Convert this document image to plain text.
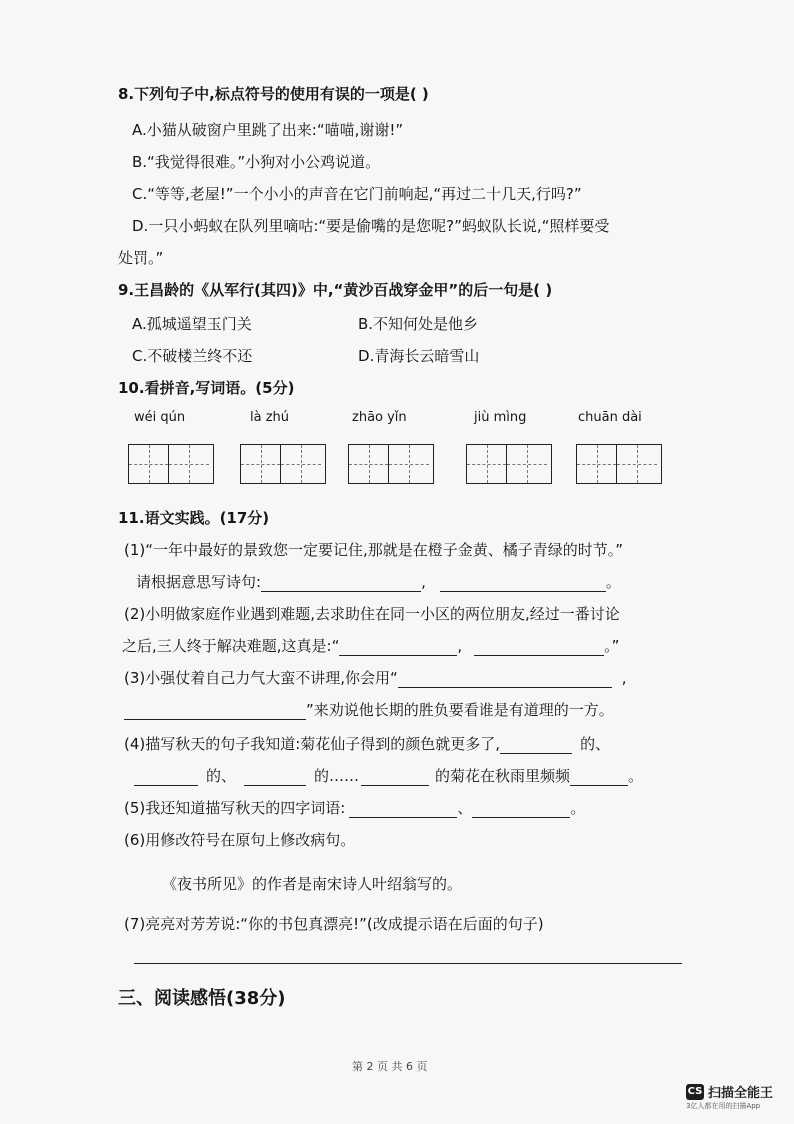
8.下列句子中,标点符号的使用有误的一项是( )
A.小猫从破窗户里跳了出来:“喵喵,谢谢!”
B.“我觉得很难。”小狗对小公鸡说道。
C.“等等,老屋!”一个小小的声音在它门前响起,“再过二十几天,行吗?”
D.一只小蚂蚁在队列里嘀咕:“要是偷嘴的是您呢?”蚂蚁队长说,“照样要受
处罚。”
9.王昌龄的《从军行(其四)》中,“黄沙百战穿金甲”的后一句是( )
A.孤城遥望玉门关	B.不知何处是他乡
C.不破楼兰终不还	D.青海长云暗雪山
10.看拼音,写词语。(5分)
wéi qún	là zhú	zhāo yǐn	jiù mìng	chuān dài
11.语文实践。(17分)
(1)“一年中最好的景致您一定要记住,那就是在橙子金黄、橘子青绿的时节。”
请根据意思写诗句:	,	。
(2)小明做家庭作业遇到难题,去求助住在同一小区的两位朋友,经过一番讨论
之后,三人终于解决难题,这真是:“	,	。”
(3)小强仗着自己力气大蛮不讲理,你会用“	,
”来劝说他长期的胜负要看谁是有道理的一方。
(4)描写秋天的句子我知道:菊花仙子得到的颜色就更多了,	的、
的、	的……	的菊花在秋雨里频频	。
(5)我还知道描写秋天的四字词语:	、	。
(6)用修改符号在原句上修改病句。
《夜书所见》的作者是南宋诗人叶绍翁写的。
(7)亮亮对芳芳说:“你的书包真漂亮!”(改成提示语在后面的句子)
三、阅读感悟(38分)
第 2 页 共 6 页
CS 扫描全能王
3亿人都在用的扫描App
